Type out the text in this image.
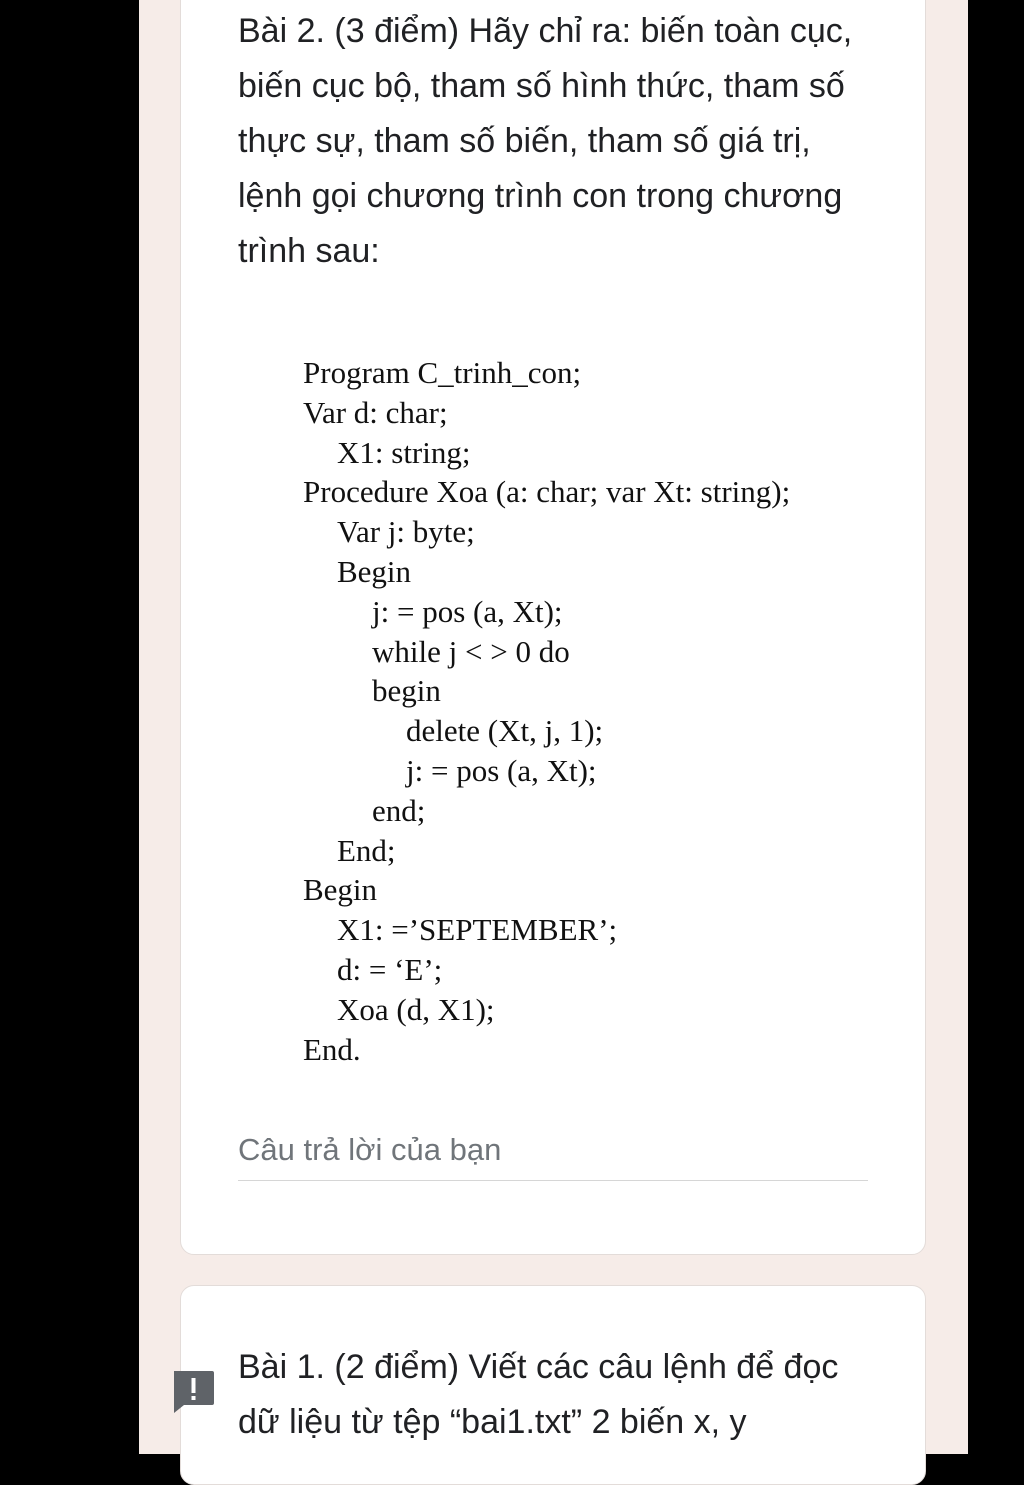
Bài 2. (3 điểm) Hãy chỉ ra: biến toàn cục, biến cục bộ, tham số hình thức, tham số thực sự, tham số biến, tham số giá trị, lệnh gọi chương trình con trong chương trình sau:

Program C_trinh_con;
Var d: char;
X1: string;
Procedure Xoa (a: char; var Xt: string);
Var j: byte;
Begin
j: = pos (a, Xt);
while j < > 0 do
begin
delete (Xt, j, 1);
j: = pos (a, Xt);
end;
End;
Begin
X1: =’SEPTEMBER’;
d: = ‘E’;
Xoa (d, X1);
End.
Câu trả lời của bạn

Bài 1. (2 điểm) Viết các câu lệnh để đọc dữ liệu từ tệp “bai1.txt” 2 biến x, y
